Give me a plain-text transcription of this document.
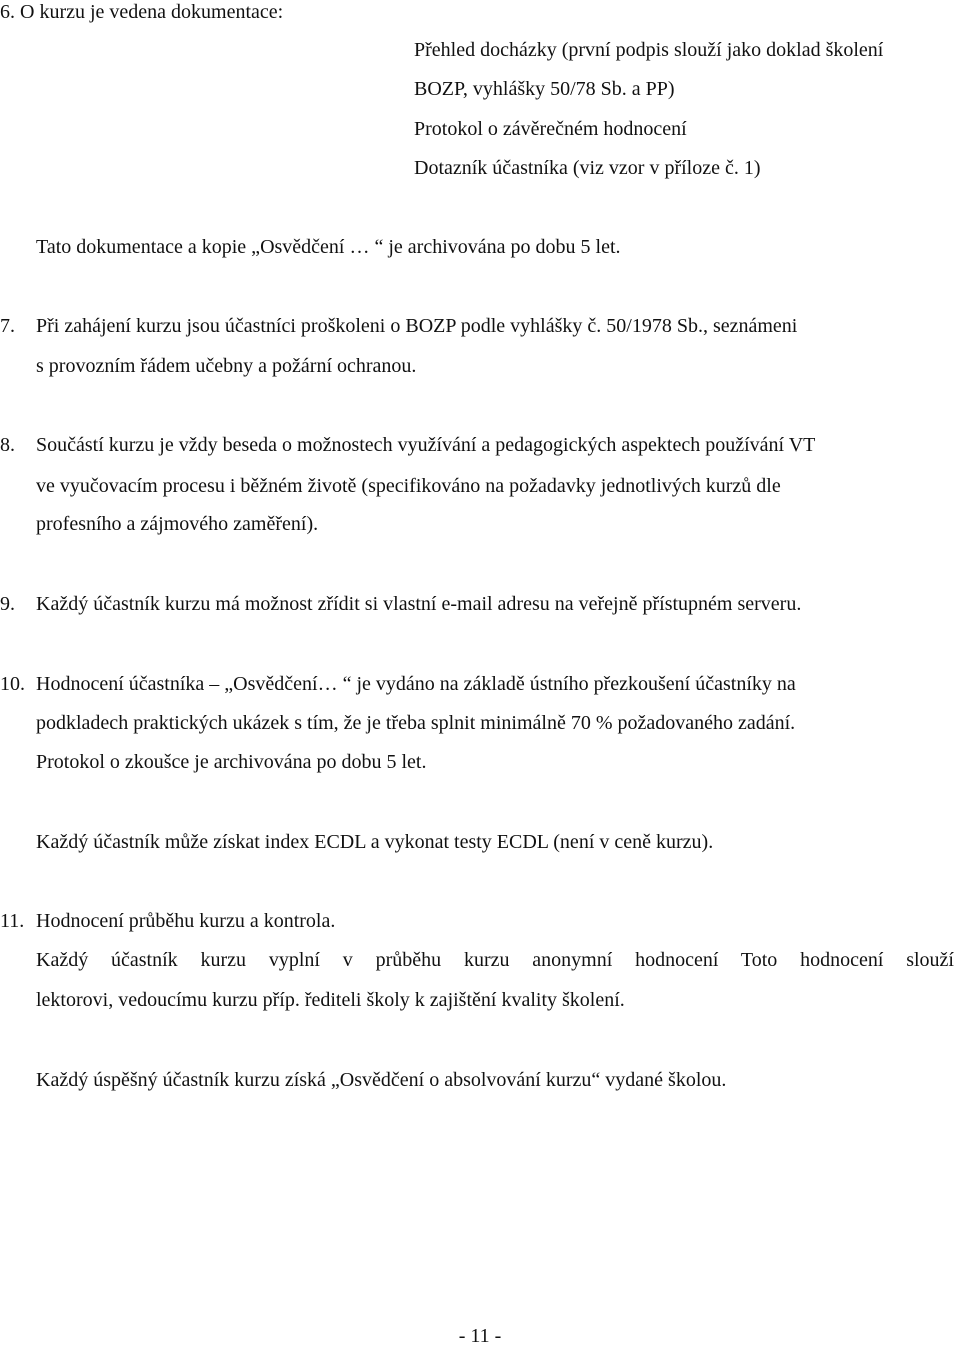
6. O kurzu je vedena dokumentace:
Přehled docházky (první podpis slouží jako doklad školení
BOZP, vyhlášky 50/78 Sb. a PP)
Protokol o závěrečném hodnocení
Dotazník účastníka (viz vzor v příloze č. 1)
Tato dokumentace a kopie „Osvědčení … “ je archivována po dobu 5 let.
7. Při zahájení kurzu jsou účastníci proškoleni o BOZP podle vyhlášky č. 50/1978 Sb., seznámeni
s provozním řádem učebny a požární ochranou.
8. Součástí kurzu je vždy beseda o možnostech využívání a pedagogických aspektech používání VT
ve vyučovacím procesu i běžném životě (specifikováno na požadavky jednotlivých kurzů dle
profesního a zájmového zaměření).
9. Každý účastník kurzu má možnost zřídit si vlastní e-mail adresu na veřejně přístupném serveru.
10. Hodnocení účastníka – „Osvědčení… “ je vydáno na základě ústního přezkoušení účastníky na
podkladech praktických ukázek s tím, že je třeba splnit minimálně 70 % požadovaného zadání.
Protokol o zkoušce je archivována po dobu 5 let.
Každý účastník může získat index ECDL a vykonat testy ECDL (není v ceně kurzu).
11. Hodnocení průběhu kurzu a kontrola.
Každý účastník kurzu vyplní v průběhu kurzu anonymní hodnocení Toto hodnocení slouží
lektorovi, vedoucímu kurzu příp. řediteli školy k zajištění kvality školení.
Každý úspěšný účastník kurzu získá „Osvědčení o absolvování kurzu“ vydané školou.
- 11 -
